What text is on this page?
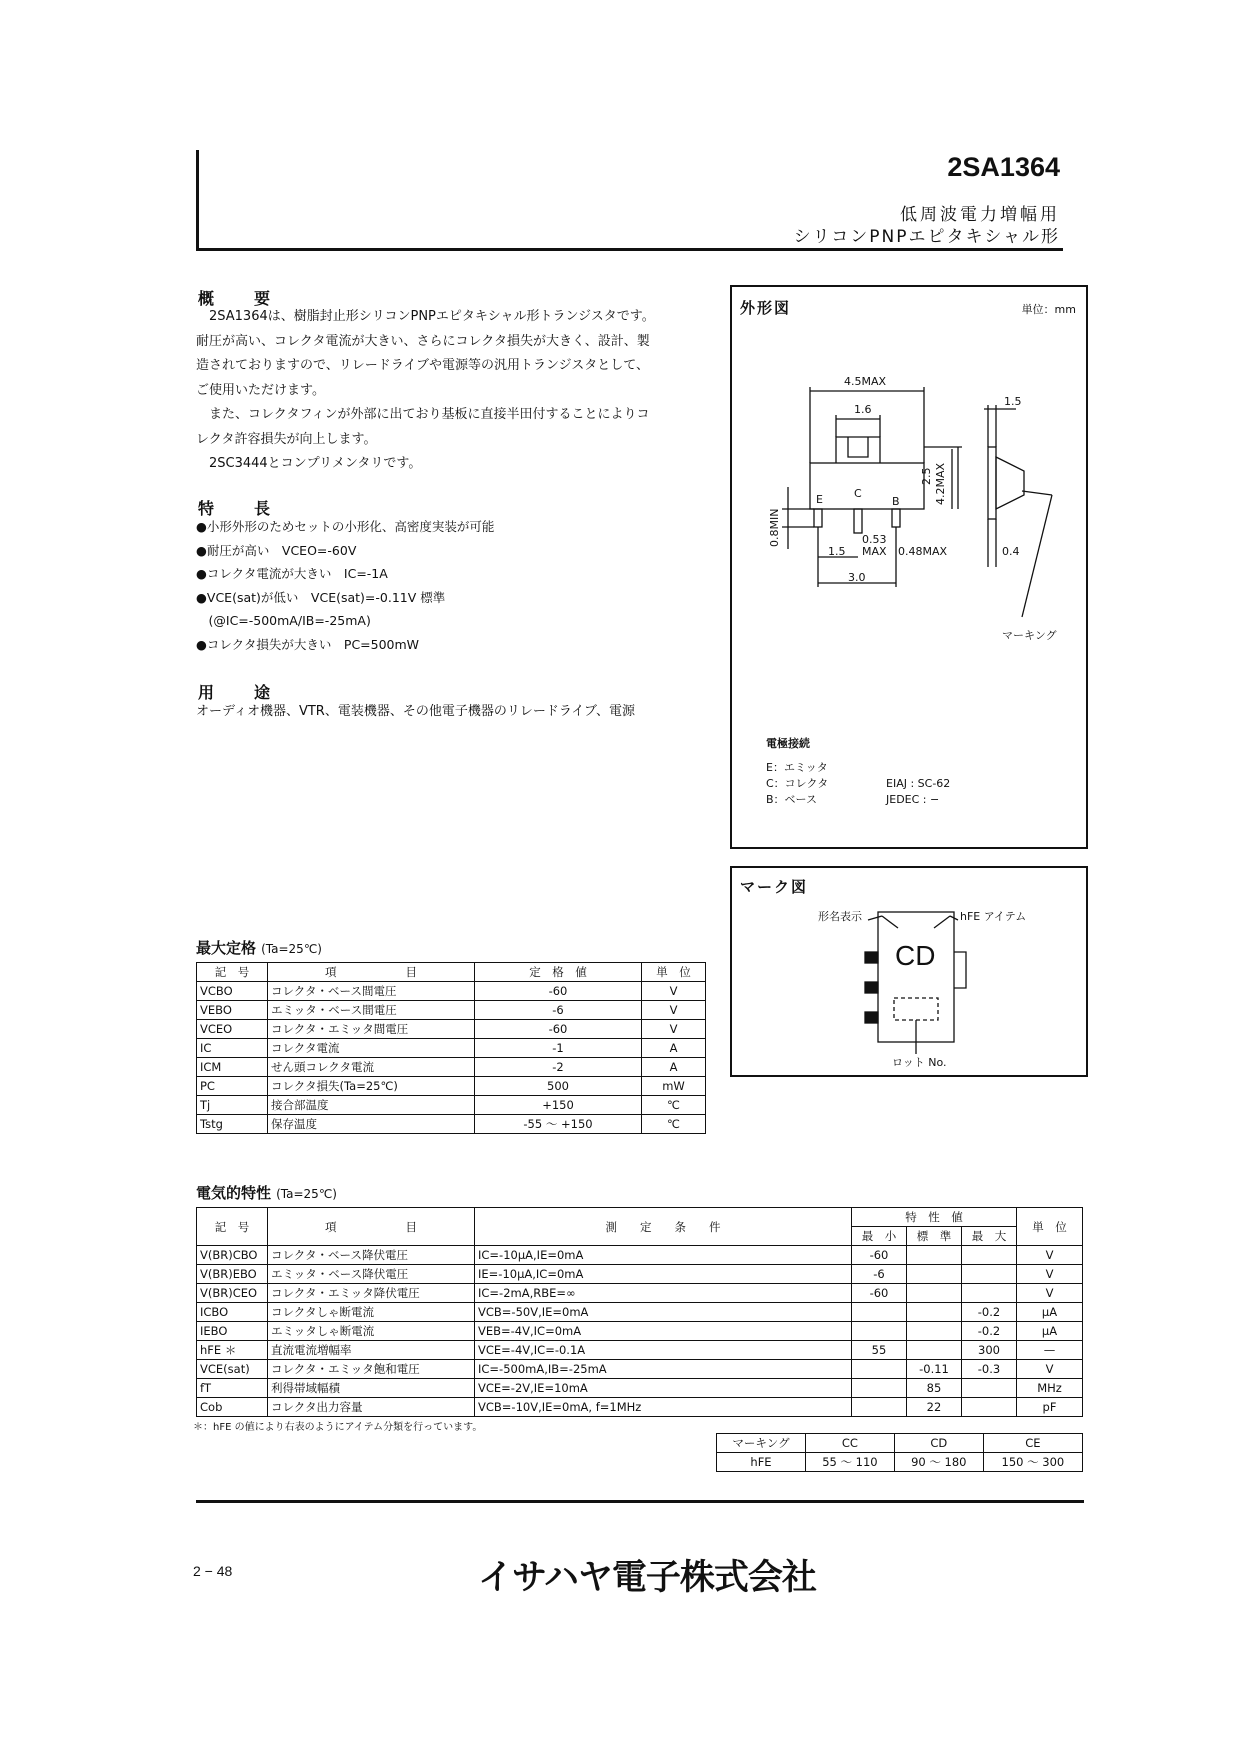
2SA1364
低周波電力増幅用
シリコンPNPエピタキシャル形
概　要
　2SA1364は、樹脂封止形シリコンPNPエピタキシャル形トランジスタです。
耐圧が高い、コレクタ電流が大きい、さらにコレクタ損失が大きく、設計、製
造されておりますので、リレードライブや電源等の汎用トランジスタとして、
ご使用いただけます。
　また、コレクタフィンが外部に出ており基板に直接半田付することによりコ
レクタ許容損失が向上します。
　2SC3444とコンプリメンタリです。
特　長
●小形外形のためセットの小形化、高密度実装が可能
●耐圧が高い　VCEO=-60V
●コレクタ電流が大きい　IC=-1A
●VCE(sat)が低い　VCE(sat)=-0.11V 標準
　(@IC=-500mA/IB=-25mA)
●コレクタ損失が大きい　PC=500mW
用　途
オーディオ機器、VTR、電装機器、その他電子機器のリレードライブ、電源
外形図	単位：mm
4.5MAX
1.6
1.5
2.5 4.2MAX
0.8MIN	0.53
MAX 0.48MAX
1.5
3.0
0.4
E	C
B
マーキング
電極接続
E：エミッタ
C：コレクタ
B：ベース
EIAJ : SC-62
JEDEC : −
マーク図
形名表示	hFE アイテム
CD
ロット No.
最大定格 (Ta=25℃)
記　号	項　　　　　　目	定　格　値	単　位
VCBO	コレクタ・ベース間電圧	-60	V
VEBO	エミッタ・ベース間電圧	-6	V
VCEO	コレクタ・エミッタ間電圧	-60	V
IC	コレクタ電流	-1	A
ICM	せん頭コレクタ電流	-2	A
PC	コレクタ損失(Ta=25℃)	500	mW
Tj	接合部温度	+150	℃
Tstg	保存温度	-55 ～ +150	℃
電気的特性 (Ta=25℃)
記　号	項　　　　　　目	測　　定　　条　　件	特　性　値			単　位
			最　小	標　準	最　大	
V(BR)CBO	コレクタ・ベース降伏電圧	IC=-10μA,IE=0mA	-60			V
V(BR)EBO	エミッタ・ベース降伏電圧	IE=-10μA,IC=0mA	-6			V
V(BR)CEO	コレクタ・エミッタ降伏電圧	IC=-2mA,RBE=∞	-60			V
ICBO	コレクタしゃ断電流	VCB=-50V,IE=0mA			-0.2	μA
IEBO	エミッタしゃ断電流	VEB=-4V,IC=0mA			-0.2	μA
hFE ＊	直流電流増幅率	VCE=-4V,IC=-0.1A	55		300	—
VCE(sat)	コレクタ・エミッタ飽和電圧	IC=-500mA,IB=-25mA		-0.11	-0.3	V
fT	利得帯域幅積	VCE=-2V,IE=10mA		85		MHz
Cob	コレクタ出力容量	VCB=-10V,IE=0mA, f=1MHz		22		pF
＊：hFE の値により右表のようにアイテム分類を行っています。
マーキング	CC	CD	CE
hFE	55 ～ 110	90 ～ 180	150 ～ 300
2 − 48	イサハヤ電子株式会社
